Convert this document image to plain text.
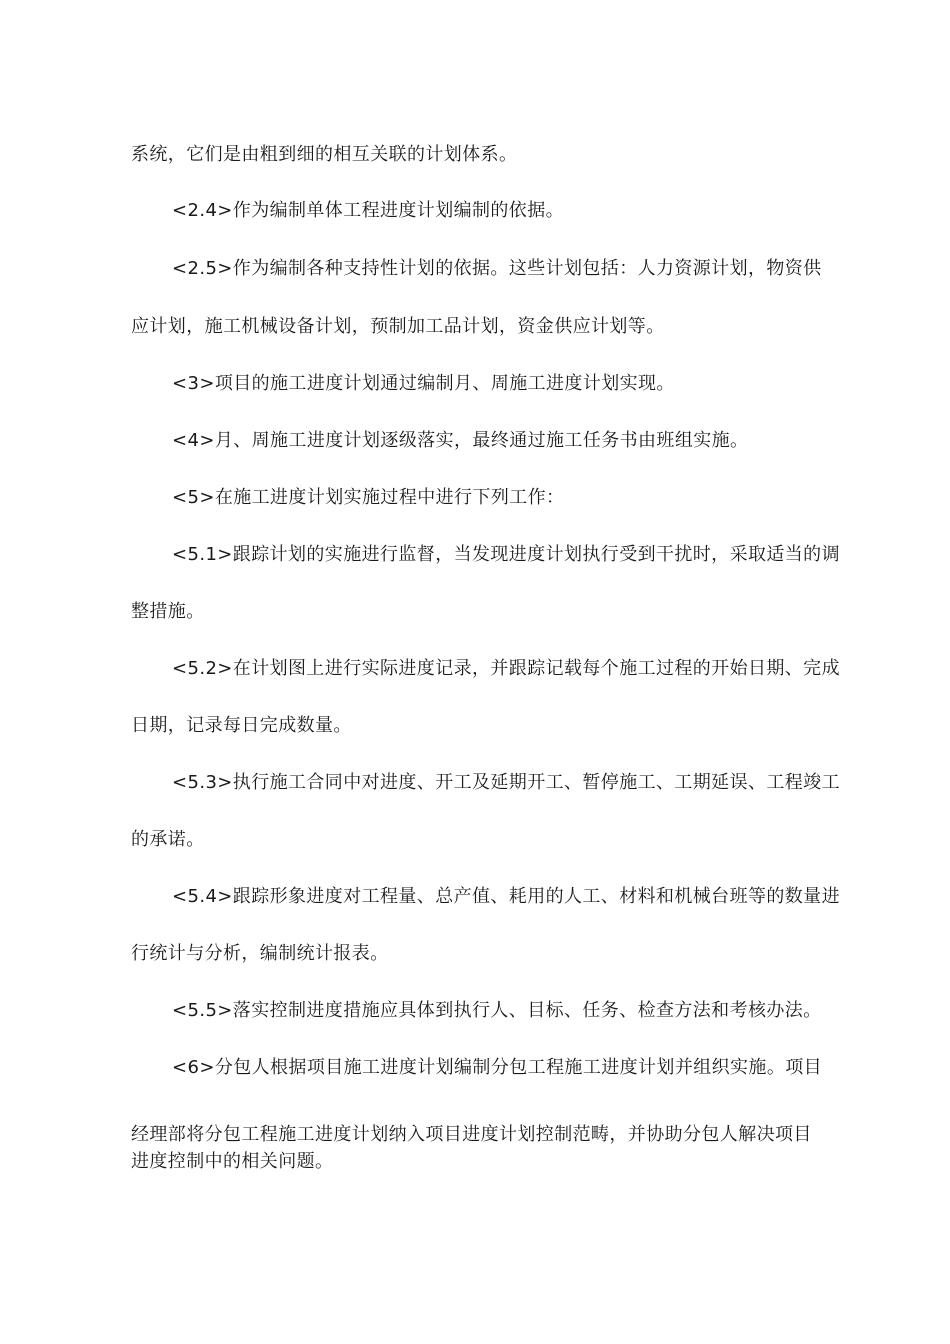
系统，它们是由粗到细的相互关联的计划体系。
<2.4>作为编制单体工程进度计划编制的依据。
<2.5>作为编制各种支持性计划的依据。这些计划包括：人力资源计划，物资供
应计划，施工机械设备计划，预制加工品计划，资金供应计划等。
<3>项目的施工进度计划通过编制月、周施工进度计划实现。
<4>月、周施工进度计划逐级落实，最终通过施工任务书由班组实施。
<5>在施工进度计划实施过程中进行下列工作：
<5.1>跟踪计划的实施进行监督，当发现进度计划执行受到干扰时，采取适当的调
整措施。
<5.2>在计划图上进行实际进度记录，并跟踪记载每个施工过程的开始日期、完成
日期，记录每日完成数量。
<5.3>执行施工合同中对进度、开工及延期开工、暂停施工、工期延误、工程竣工
的承诺。
<5.4>跟踪形象进度对工程量、总产值、耗用的人工、材料和机械台班等的数量进
行统计与分析，编制统计报表。
<5.5>落实控制进度措施应具体到执行人、目标、任务、检查方法和考核办法。
<6>分包人根据项目施工进度计划编制分包工程施工进度计划并组织实施。项目
经理部将分包工程施工进度计划纳入项目进度计划控制范畴，并协助分包人解决项目
进度控制中的相关问题。
